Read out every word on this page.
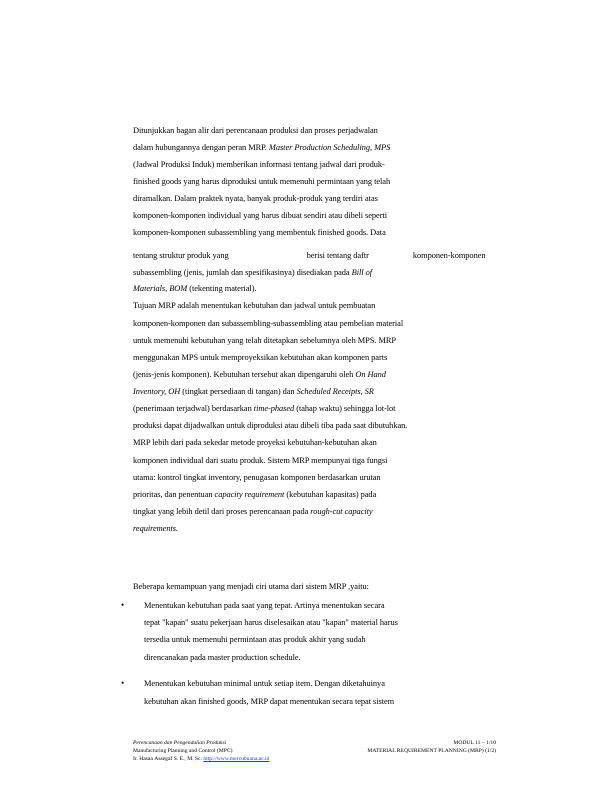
Ditunjukkan bagan alir dari perencanaan produksi dan proses perjadwalan
dalam hubungannya dengan peran MRP. Master Production Scheduling, MPS
(Jadwal Produksi Induk) memberikan informasi tentang jadwal dari produk-
finished goods yang harus diproduksi untuk memenuhi permintaan yang telah
diramalkan. Dalam praktek nyata, banyak produk-produk yang terdiri atas
komponen-komponen individual yang harus dibuat sendiri atau dibeli seperti
komponen-komponen subassembling yang membentuk finished goods. Data
tentang struktur produk yang	berisi tentang daftr	komponen-komponen
subassembling (jenis, jumlah dan spesifikasinya) disediakan pada Bill of
Materials, BOM (tekenting material).
Tujuan MRP adalah menentukan kebutuhan dan jadwal untuk pembuatan
komponen-komponen dan subassembling-subassembling atau pembelian material
untuk memenuhi kebutuhan yang telah ditetapkan sebelumnya oleh MPS. MRP
menggunakan MPS untuk memproyeksikan kebutuhan akan komponen parts
(jenis-jenis komponen). Kebutuhan tersebut akan dipengaruhi oleh On Hand
Inventory, OH (tingkat persediaan di tangan) dan Scheduled Receipts, SR
(penerimaan terjadwal) berdasarkan time-phased (tahap waktu) sehingga lot-lot
produksi dapat dijadwalkan untuk diproduksi atau dibeli tiba pada saat dibutuhkan.
MRP lebih dari pada sekedar metode proyeksi kebutuhan-kebutuhan akan
komponen individual dari suatu produk. Sistem MRP mempunyai tiga fungsi
utama: kontrol tingkat inventory, penugasan komponen berdasarkan urutan
prioritas, dan penentuan capacity requirement (kebutuhan kapasitas) pada
tingkat yang lebih detil dari proses perencanaan pada rough-cut capacity
requirements.
Beberapa kemampuan yang menjadi ciri utama dari sistem MRP ,yaitu:
• Menentukan kebutuhan pada saat yang tepat. Artinya menentukan secara
tepat "kapan" suatu pekerjaan harus diselesaikan atau "kapan" material harus
tersedia untuk memenuhi permintaan atas produk akhir yang sudah
direncanakan pada master production schedule.
• Menentukan kebutuhan minimal untuk setiap item. Dengan diketahuinya
kebutuhan akan finished goods, MRP dapat menentukan secara tepat sistem
Perencanaan dan Pengendalian Produksi
Manufacturing Planning and Control (MPC)
Ir. Hasan Assegaf S. E., M. Sc. http://www.mercubuana.ac.id
MODUL 11 – 1/10
MATERIAL REQUIREMENT PLANNING (MRP) (1/2)
